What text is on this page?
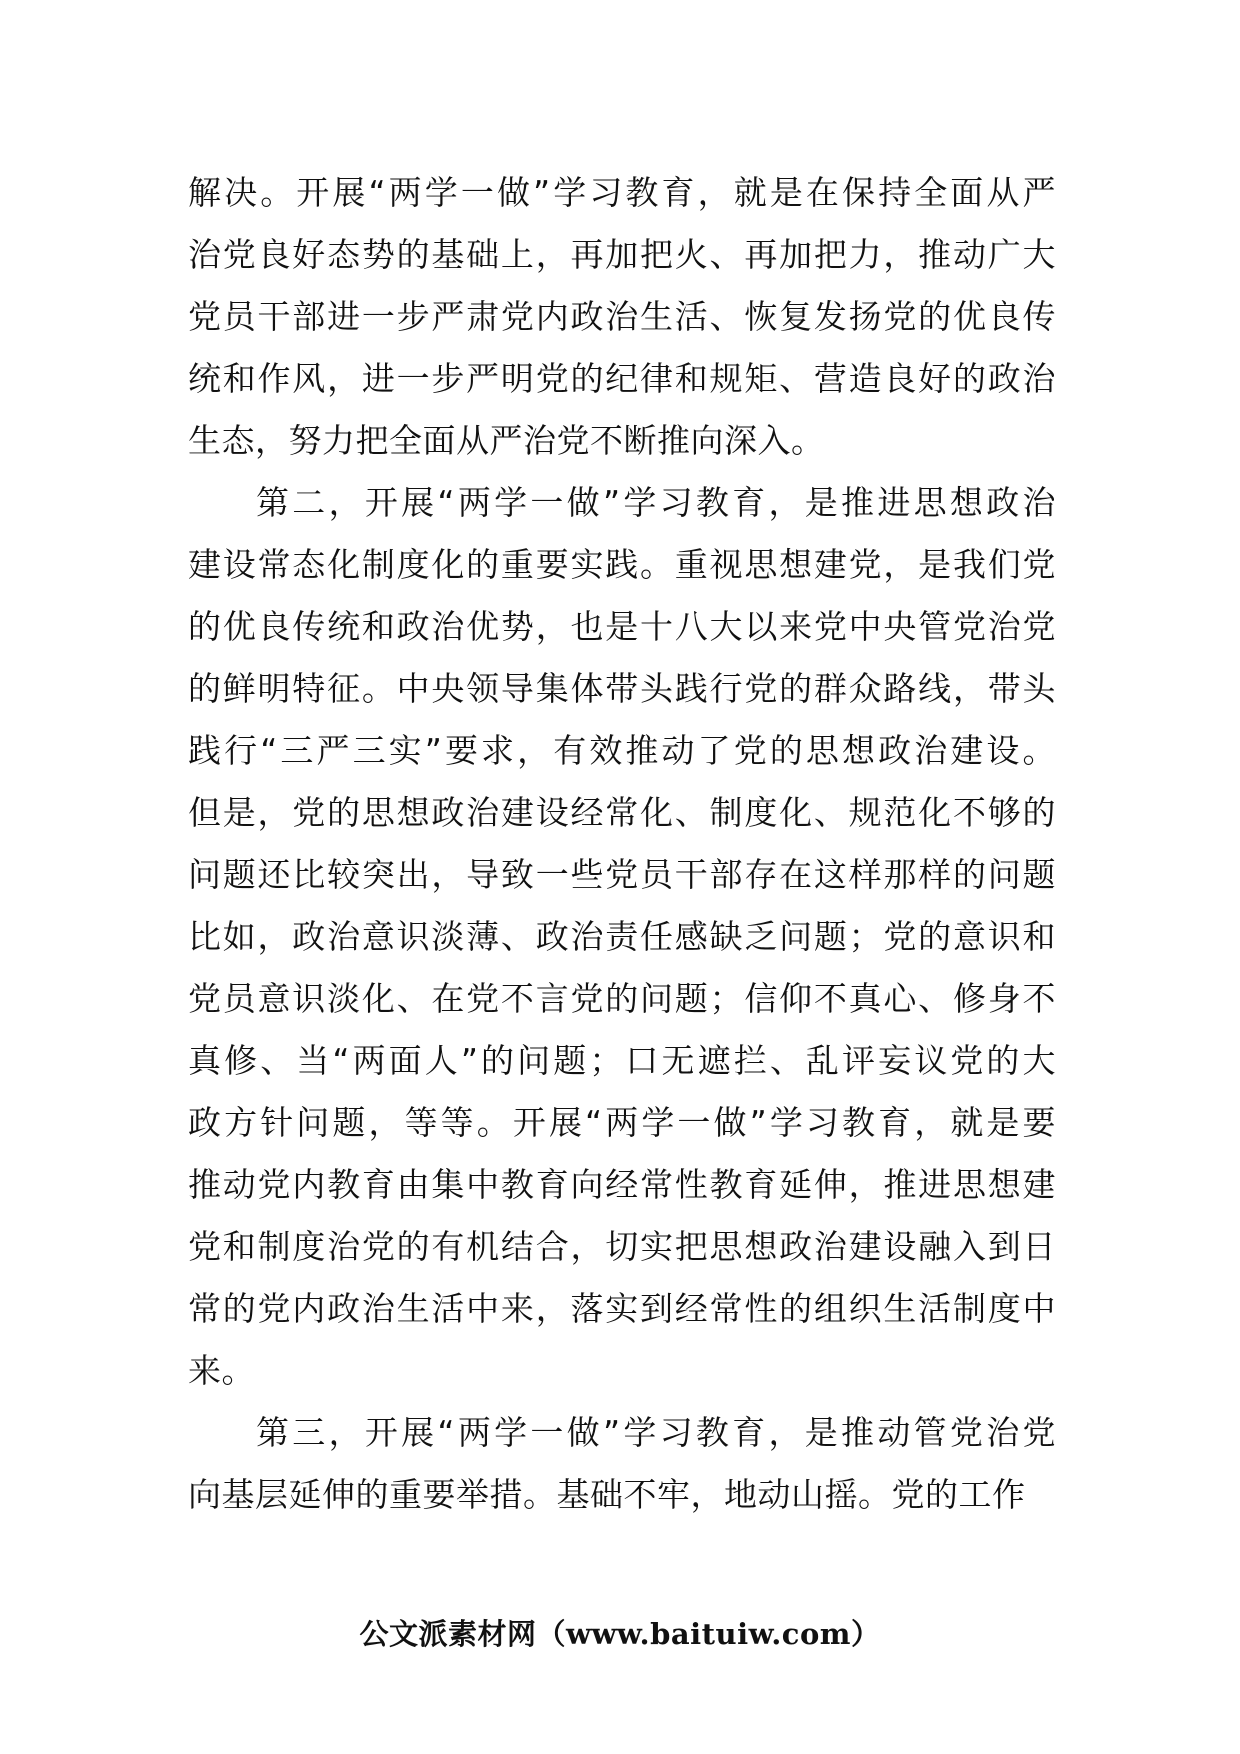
解决。开展“两学一做”学习教育，就是在保持全面从严
治党良好态势的基础上，再加把火、再加把力，推动广大
党员干部进一步严肃党内政治生活、恢复发扬党的优良传
统和作风，进一步严明党的纪律和规矩、营造良好的政治
生态，努力把全面从严治党不断推向深入。
第二，开展“两学一做”学习教育，是推进思想政治
建设常态化制度化的重要实践。重视思想建党，是我们党
的优良传统和政治优势，也是十八大以来党中央管党治党
的鲜明特征。中央领导集体带头践行党的群众路线，带头
践行“三严三实”要求，有效推动了党的思想政治建设。
但是，党的思想政治建设经常化、制度化、规范化不够的
问题还比较突出，导致一些党员干部存在这样那样的问题
比如，政治意识淡薄、政治责任感缺乏问题；党的意识和
党员意识淡化、在党不言党的问题；信仰不真心、修身不
真修、当“两面人”的问题；口无遮拦、乱评妄议党的大
政方针问题，等等。开展“两学一做”学习教育，就是要
推动党内教育由集中教育向经常性教育延伸，推进思想建
党和制度治党的有机结合，切实把思想政治建设融入到日
常的党内政治生活中来，落实到经常性的组织生活制度中
来。
第三，开展“两学一做”学习教育，是推动管党治党
向基层延伸的重要举措。基础不牢，地动山摇。党的工作
公文派素材网（www.baituiw.com）
